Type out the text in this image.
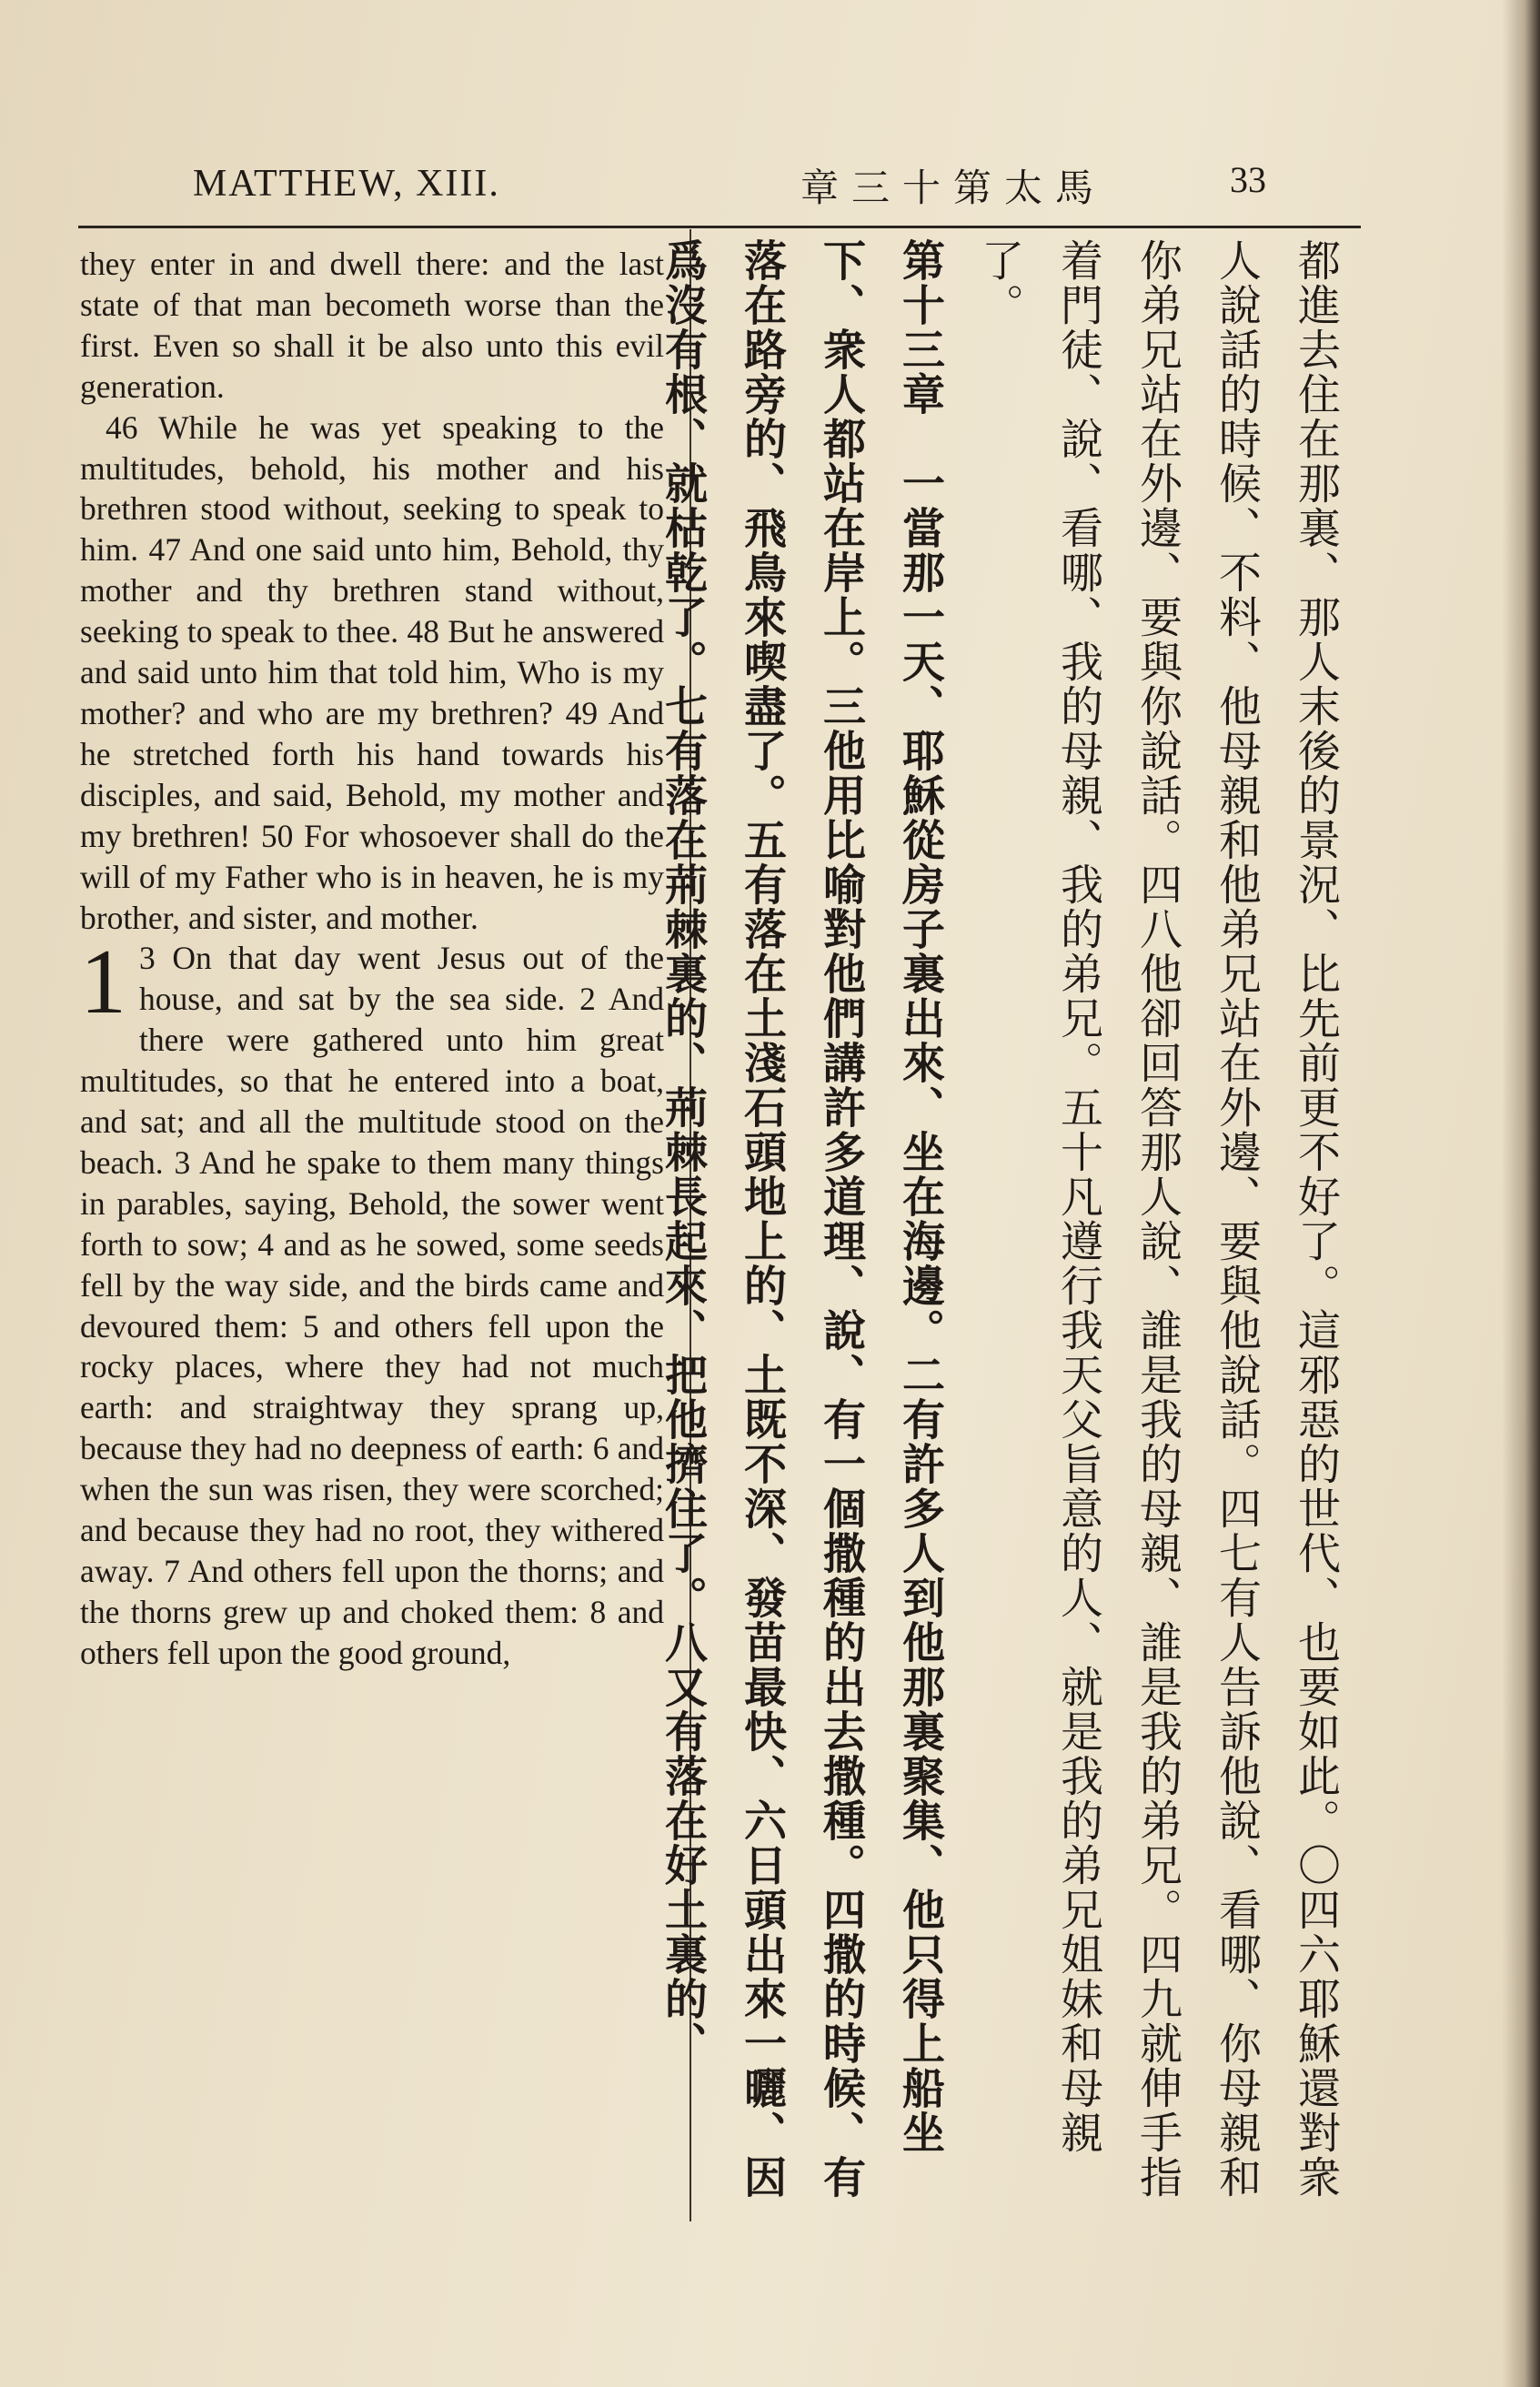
MATTHEW, XIII.	馬太第十三章	33

they enter in and dwell there: and the last state of that man becometh worse than the first. Even so shall it be also unto this evil generation.

46 While he was yet speaking to the multitudes, behold, his mother and his brethren stood without, seeking to speak to him. 47 And one said unto him, Behold, thy mother and thy brethren stand without, seeking to speak to thee. 48 But he answered and said unto him that told him, Who is my mother? and who are my brethren? 49 And he stretched forth his hand towards his disciples, and said, Behold, my mother and my brethren! 50 For whosoever shall do the will of my Father who is in heaven, he is my brother, and sister, and mother.

13 On that day went Jesus out of the house, and sat by the sea side. 2 And there were gathered unto him great multitudes, so that he entered into a boat, and sat; and all the multitude stood on the beach. 3 And he spake to them many things in parables, saying, Behold, the sower went forth to sow; 4 and as he sowed, some seeds fell by the way side, and the birds came and devoured them: 5 and others fell upon the rocky places, where they had not much earth: and straightway they sprang up, because they had no deepness of earth: 6 and when the sun was risen, they were scorched; and because they had no root, they withered away. 7 And others fell upon the thorns; and the thorns grew up and choked them: 8 and others fell upon the good ground,	都進去住在那裏、那人末後的景況、比先前更不好了。這邪惡的世代、也要如此。〇四六耶穌還對衆人說話的時候、不料、他母親和他弟兄站在外邊、要與他說話。四七有人告訴他說、看哪、你母親和你弟兄站在外邊、要與你說話。四八他卻回答那人說、誰是我的母親、誰是我的弟兄。四九就伸手指着門徒、說、看哪、我的母親、我的弟兄。五十凡遵行我天父旨意的人、就是我的弟兄姐妹和母親了。

第十三章　一當那一天、耶穌從房子裏出來、坐在海邊。二有許多人到他那裏聚集、他只得上船坐下、衆人都站在岸上。三他用比喻對他們講許多道理、說、有一個撒種的出去撒種。四撒的時候、有落在路旁的、飛鳥來喫盡了。五有落在土淺石頭地上的、土既不深、發苗最快、六日頭出來一曬、因爲沒有根、就枯乾了。七有落在荊棘裏的、荊棘長起來、把他擠住了。八又有落在好土裏的、
